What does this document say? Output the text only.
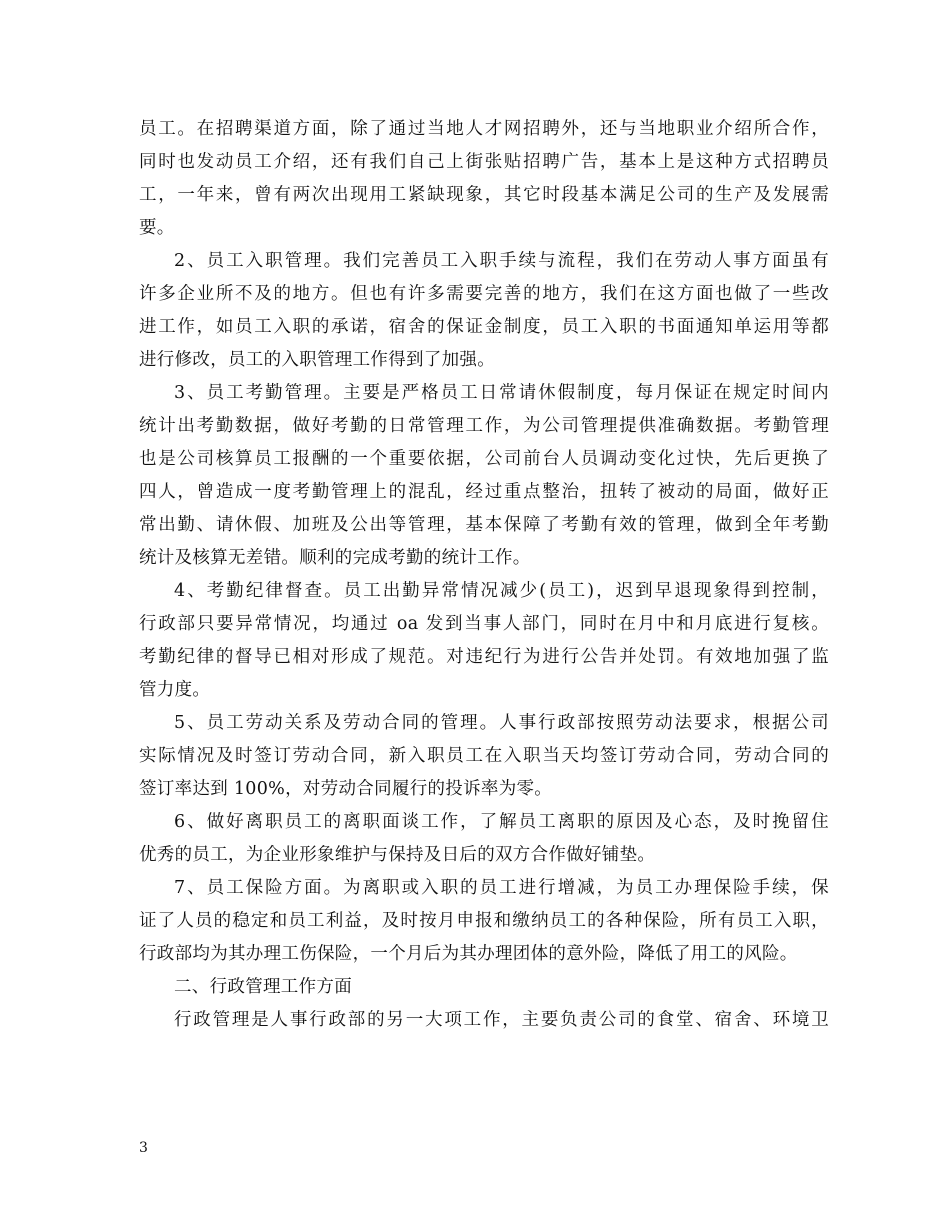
员工。在招聘渠道方面，除了通过当地人才网招聘外，还与当地职业介绍所合作，
同时也发动员工介绍，还有我们自己上街张贴招聘广告，基本上是这种方式招聘员
工，一年来，曾有两次出现用工紧缺现象，其它时段基本满足公司的生产及发展需
要。
2、员工入职管理。我们完善员工入职手续与流程，我们在劳动人事方面虽有
许多企业所不及的地方。但也有许多需要完善的地方，我们在这方面也做了一些改
进工作，如员工入职的承诺，宿舍的保证金制度，员工入职的书面通知单运用等都
进行修改，员工的入职管理工作得到了加强。
3、员工考勤管理。主要是严格员工日常请休假制度，每月保证在规定时间内
统计出考勤数据，做好考勤的日常管理工作，为公司管理提供准确数据。考勤管理
也是公司核算员工报酬的一个重要依据，公司前台人员调动变化过快，先后更换了
四人，曾造成一度考勤管理上的混乱，经过重点整治，扭转了被动的局面，做好正
常出勤、请休假、加班及公出等管理，基本保障了考勤有效的管理，做到全年考勤
统计及核算无差错。顺利的完成考勤的统计工作。
4、考勤纪律督查。员工出勤异常情况减少(员工)，迟到早退现象得到控制，
行政部只要异常情况，均通过 oa 发到当事人部门，同时在月中和月底进行复核。
考勤纪律的督导已相对形成了规范。对违纪行为进行公告并处罚。有效地加强了监
管力度。
5、员工劳动关系及劳动合同的管理。人事行政部按照劳动法要求，根据公司
实际情况及时签订劳动合同，新入职员工在入职当天均签订劳动合同，劳动合同的
签订率达到 100%，对劳动合同履行的投诉率为零。
6、做好离职员工的离职面谈工作，了解员工离职的原因及心态，及时挽留住
优秀的员工，为企业形象维护与保持及日后的双方合作做好铺垫。
7、员工保险方面。为离职或入职的员工进行增减，为员工办理保险手续，保
证了人员的稳定和员工利益，及时按月申报和缴纳员工的各种保险，所有员工入职，
行政部均为其办理工伤保险，一个月后为其办理团体的意外险，降低了用工的风险。
二、行政管理工作方面
行政管理是人事行政部的另一大项工作，主要负责公司的食堂、宿舍、环境卫
3
